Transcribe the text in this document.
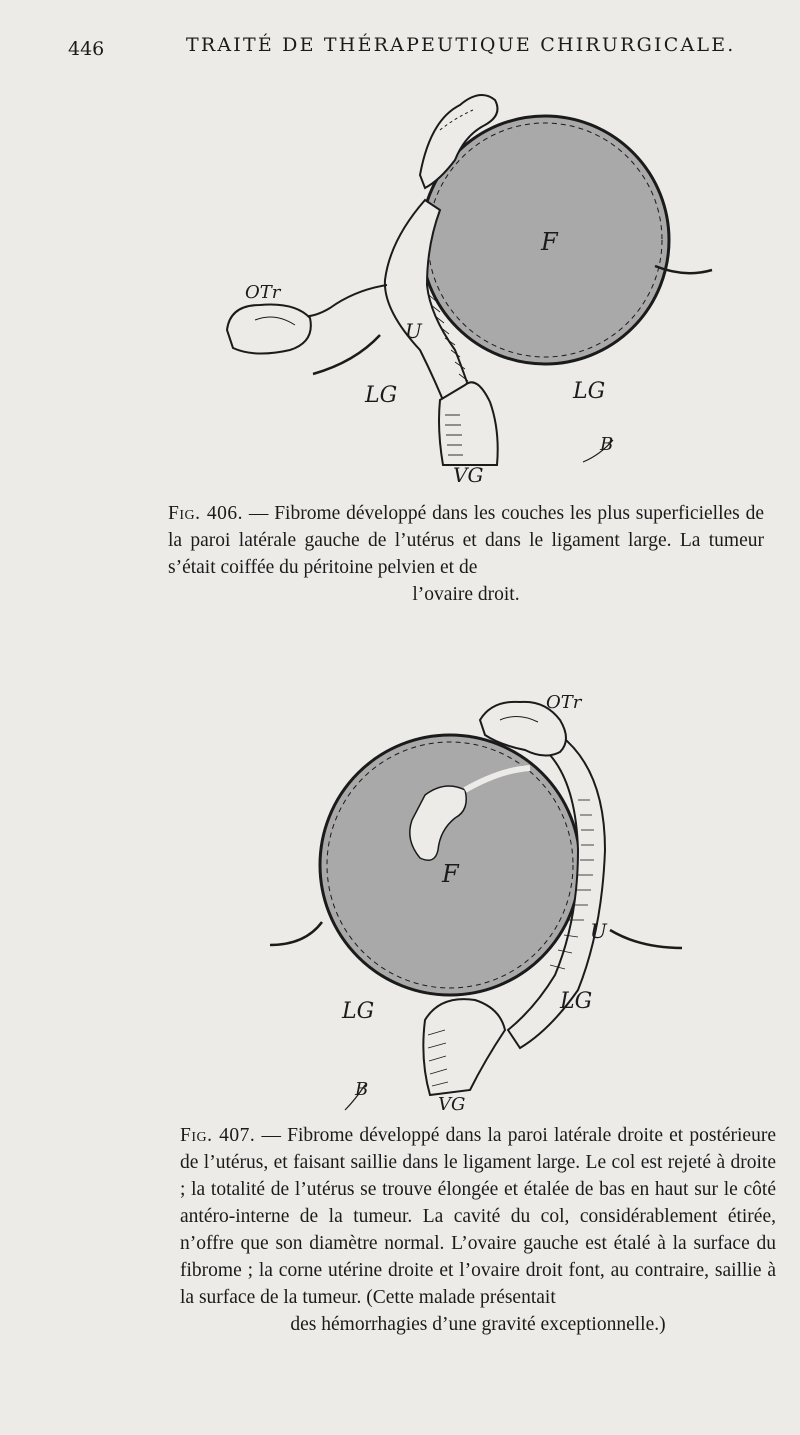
446	TRAITÉ DE THÉRAPEUTIQUE CHIRURGICALE.
F
OTr
U
LG	LG
VG
B
Fig. 406. — Fibrome développé dans les couches les plus superficielles de la paroi latérale gauche de l’utérus et dans le ligament large. La tumeur s’était coiffée du péritoine pelvien et de
l’ovaire droit.
F
OTr
U
LG	LG
VG
B
Fig. 407. — Fibrome développé dans la paroi latérale droite et postérieure de l’utérus, et faisant saillie dans le ligament large. Le col est rejeté à droite ; la totalité de l’utérus se trouve élongée et étalée de bas en haut sur le côté antéro-interne de la tumeur. La cavité du col, considérablement étirée, n’offre que son diamètre normal. L’ovaire gauche est étalé à la surface du fibrome ; la corne utérine droite et l’ovaire droit font, au contraire, saillie à la surface de la tumeur. (Cette malade présentait
des hémorrhagies d’une gravité exceptionnelle.)
